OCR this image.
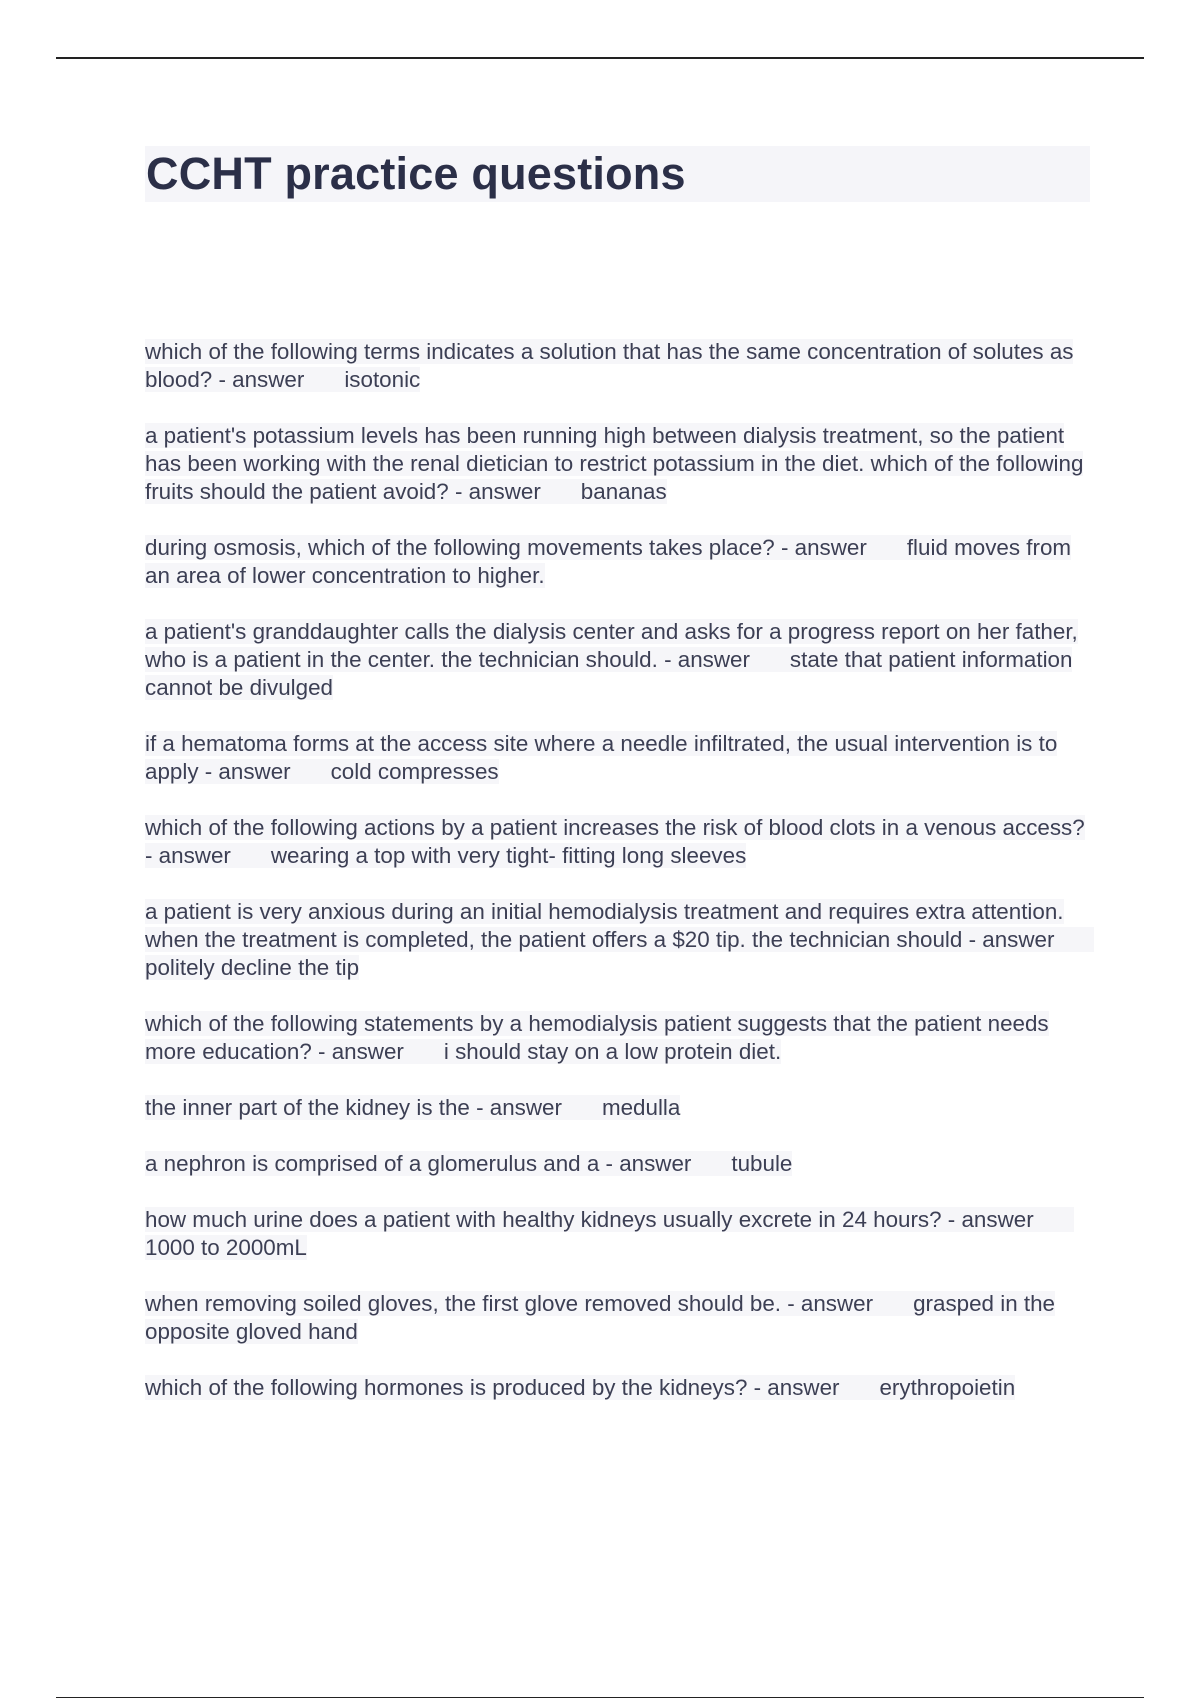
CCHT practice questions

which of the following terms indicates a solution that has the same concentration of solutes as blood? - answer isotonic

a patient's potassium levels has been running high between dialysis treatment, so the patient has been working with the renal dietician to restrict potassium in the diet. which of the following fruits should the patient avoid? - answer bananas

during osmosis, which of the following movements takes place? - answer fluid moves from an area of lower concentration to higher.

a patient's granddaughter calls the dialysis center and asks for a progress report on her father, who is a patient in the center. the technician should. - answer state that patient information cannot be divulged

if a hematoma forms at the access site where a needle infiltrated, the usual intervention is to apply - answer cold compresses

which of the following actions by a patient increases the risk of blood clots in a venous access? - answer wearing a top with very tight- fitting long sleeves

a patient is very anxious during an initial hemodialysis treatment and requires extra attention. when the treatment is completed, the patient offers a $20 tip. the technician should - answerpolitely decline the tip

which of the following statements by a hemodialysis patient suggests that the patient needs more education? - answer i should stay on a low protein diet.

the inner part of the kidney is the - answer medulla

a nephron is comprised of a glomerulus and a - answer tubule

how much urine does a patient with healthy kidneys usually excrete in 24 hours? - answer1000 to 2000mL

when removing soiled gloves, the first glove removed should be. - answer grasped in the opposite gloved hand

which of the following hormones is produced by the kidneys? - answer erythropoietin
